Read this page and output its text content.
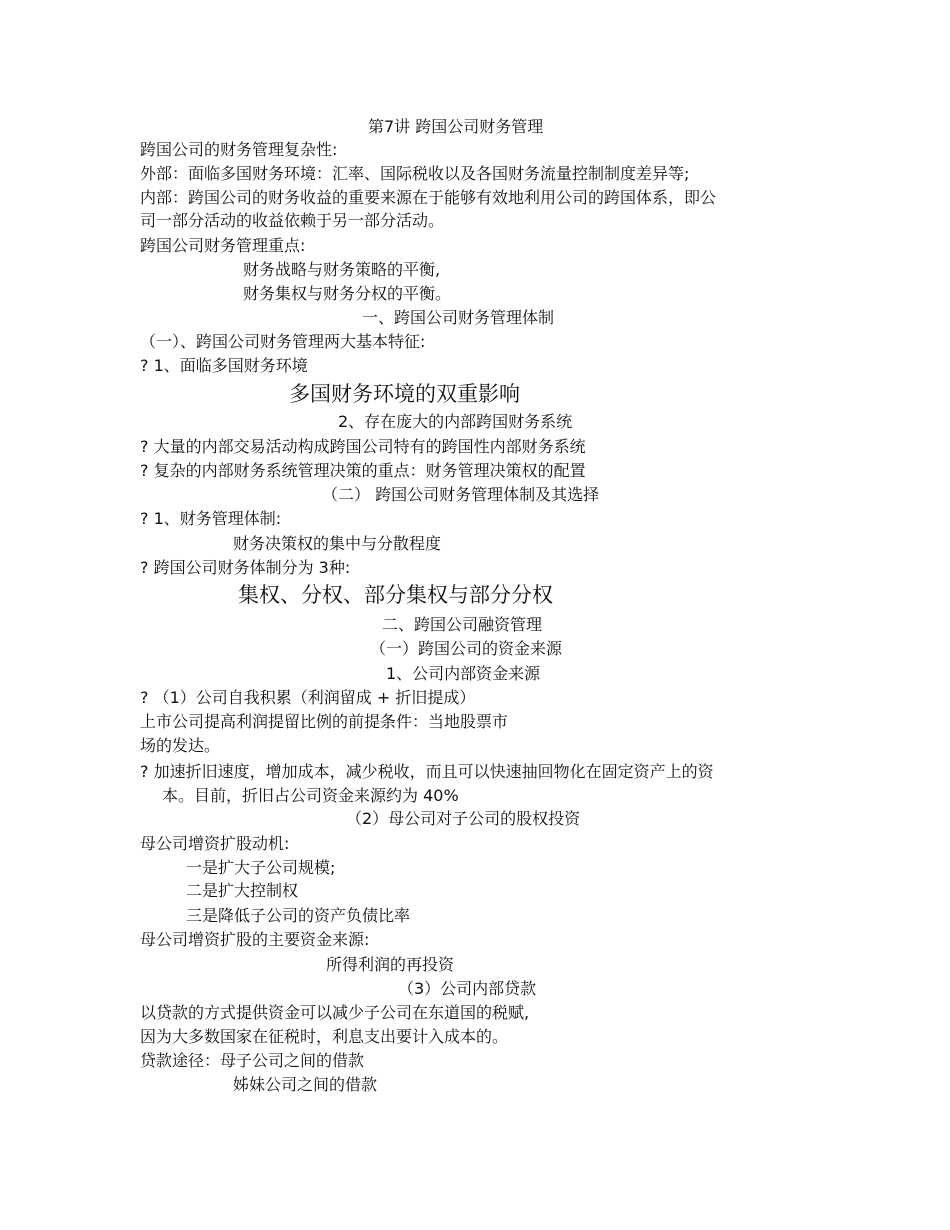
第7讲 跨国公司财务管理
跨国公司的财务管理复杂性:
外部：面临多国财务环境：汇率、国际税收以及各国财务流量控制制度差异等;
内部：跨国公司的财务收益的重要来源在于能够有效地利用公司的跨国体系，即公
司一部分活动的收益依赖于另一部分活动。
跨国公司财务管理重点:
财务战略与财务策略的平衡,
财务集权与财务分权的平衡。
一、跨国公司财务管理体制
（一）、跨国公司财务管理两大基本特征:
? 1、面临多国财务环境
多国财务环境的双重影响
2、存在庞大的内部跨国财务系统
? 大量的内部交易活动构成跨国公司特有的跨国性内部财务系统
? 复杂的内部财务系统管理决策的重点：财务管理决策权的配置
（二） 跨国公司财务管理体制及其选择
? 1、财务管理体制:
财务决策权的集中与分散程度
? 跨国公司财务体制分为 3种:
集权、分权、部分集权与部分分权
二、跨国公司融资管理
（一）跨国公司的资金来源
1、公司内部资金来源
? （1）公司自我积累（利润留成 + 折旧提成）
上市公司提高利润提留比例的前提条件：当地股票市
场的发达。
? 加速折旧速度，增加成本，减少税收，而且可以快速抽回物化在固定资产上的资
本。目前，折旧占公司资金来源约为 40%
（2）母公司对子公司的股权投资
母公司增资扩股动机:
一是扩大子公司规模;
二是扩大控制权
三是降低子公司的资产负债比率
母公司增资扩股的主要资金来源:
所得利润的再投资
（3）公司内部贷款
以贷款的方式提供资金可以减少子公司在东道国的税赋,
因为大多数国家在征税时，利息支出要计入成本的。
贷款途径：母子公司之间的借款
姊妹公司之间的借款
